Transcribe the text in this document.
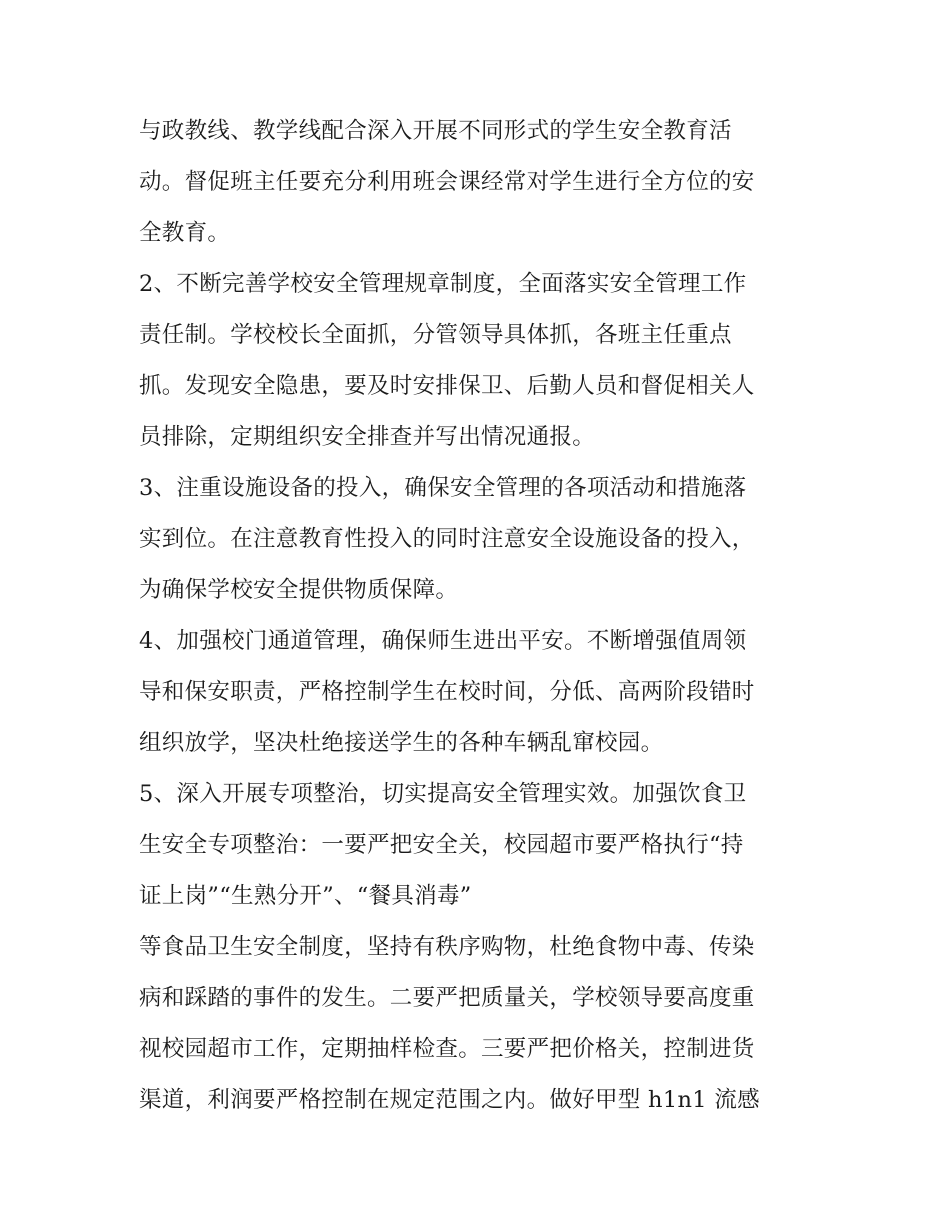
与政教线、教学线配合深入开展不同形式的学生安全教育活
动。督促班主任要充分利用班会课经常对学生进行全方位的安
全教育。
2、不断完善学校安全管理规章制度，全面落实安全管理工作
责任制。学校校长全面抓，分管领导具体抓，各班主任重点
抓。发现安全隐患，要及时安排保卫、后勤人员和督促相关人
员排除，定期组织安全排查并写出情况通报。
3、注重设施设备的投入，确保安全管理的各项活动和措施落
实到位。在注意教育性投入的同时注意安全设施设备的投入，
为确保学校安全提供物质保障。
4、加强校门通道管理，确保师生进出平安。不断增强值周领
导和保安职责，严格控制学生在校时间，分低、高两阶段错时
组织放学，坚决杜绝接送学生的各种车辆乱窜校园。
5、深入开展专项整治，切实提高安全管理实效。加强饮食卫
生安全专项整治：一要严把安全关，校园超市要严格执行“持
证上岗”“生熟分开”、“餐具消毒”
等食品卫生安全制度，坚持有秩序购物，杜绝食物中毒、传染
病和踩踏的事件的发生。二要严把质量关，学校领导要高度重
视校园超市工作，定期抽样检查。三要严把价格关，控制进货
渠道，利润要严格控制在规定范围之内。做好甲型 h1n1 流感
